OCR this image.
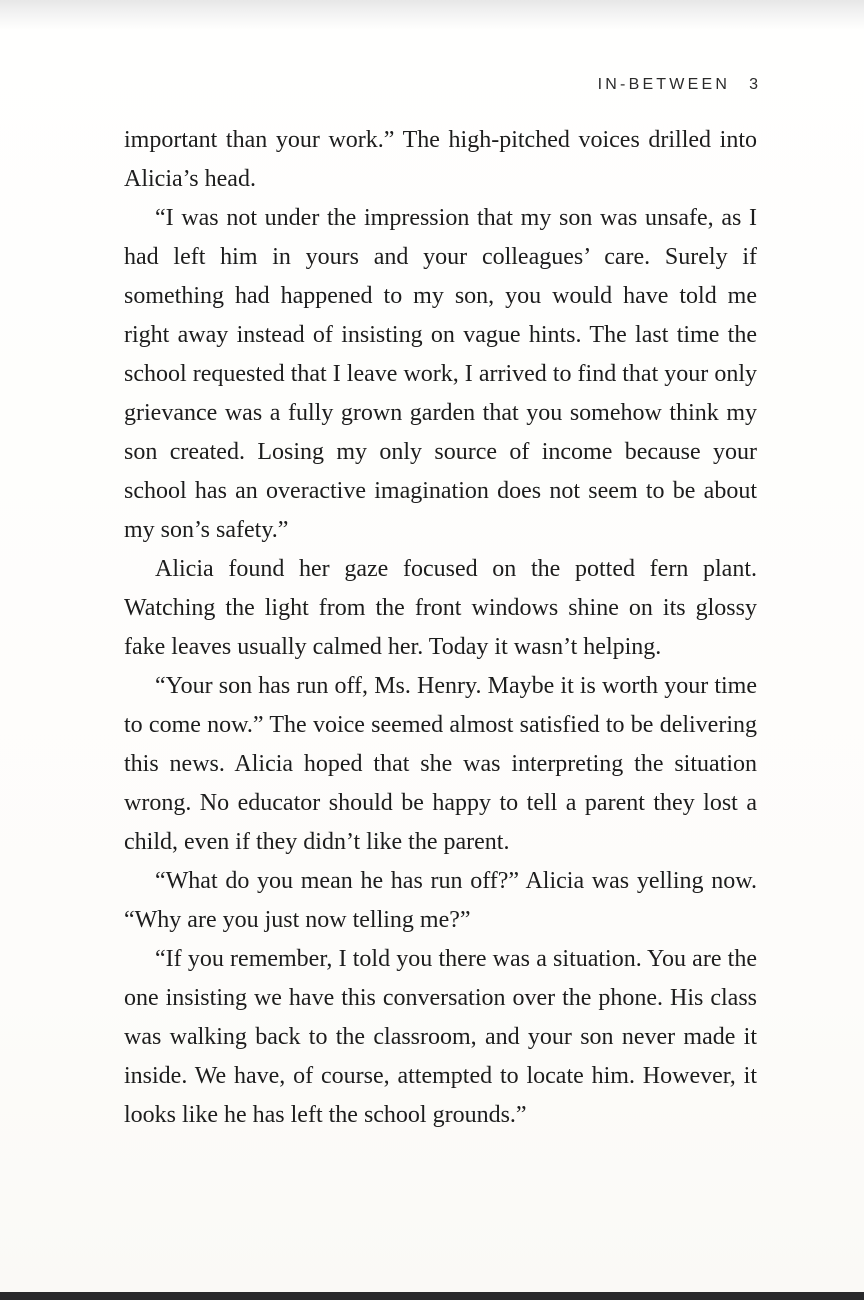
IN-BETWEEN 3

important than your work.” The high-pitched voices drilled into Alicia’s head.

“I was not under the impression that my son was unsafe, as I had left him in yours and your colleagues’ care. Surely if something had happened to my son, you would have told me right away instead of insisting on vague hints. The last time the school requested that I leave work, I arrived to find that your only grievance was a fully grown garden that you somehow think my son created. Losing my only source of income because your school has an overactive imagination does not seem to be about my son’s safety.”

Alicia found her gaze focused on the potted fern plant. Watching the light from the front windows shine on its glossy fake leaves usually calmed her. Today it wasn’t helping.

“Your son has run off, Ms. Henry. Maybe it is worth your time to come now.” The voice seemed almost satisfied to be delivering this news. Alicia hoped that she was interpreting the situation wrong. No educator should be happy to tell a parent they lost a child, even if they didn’t like the parent.

“What do you mean he has run off?” Alicia was yelling now. “Why are you just now telling me?”

“If you remember, I told you there was a situation. You are the one insisting we have this conversation over the phone. His class was walking back to the classroom, and your son never made it inside. We have, of course, attempted to locate him. However, it looks like he has left the school grounds.”
